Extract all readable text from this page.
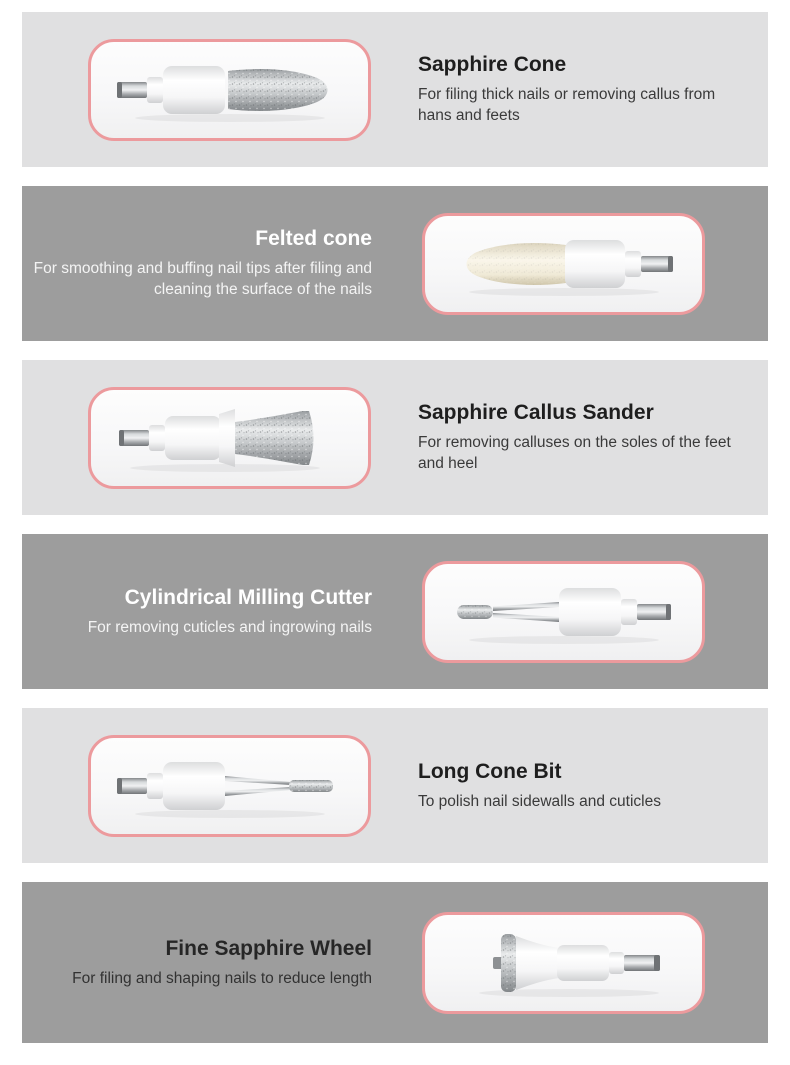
Sapphire Cone

For filing thick nails or removing callus from hans and feets

Felted cone

For smoothing and buffing nail tips after filing and cleaning the surface of the nails

Sapphire Callus Sander

For removing calluses on the soles of the feet and heel

Cylindrical Milling Cutter

For removing cuticles and ingrowing nails

Long Cone Bit

To polish nail sidewalls and cuticles

Fine Sapphire Wheel

For filing and shaping nails to reduce length
